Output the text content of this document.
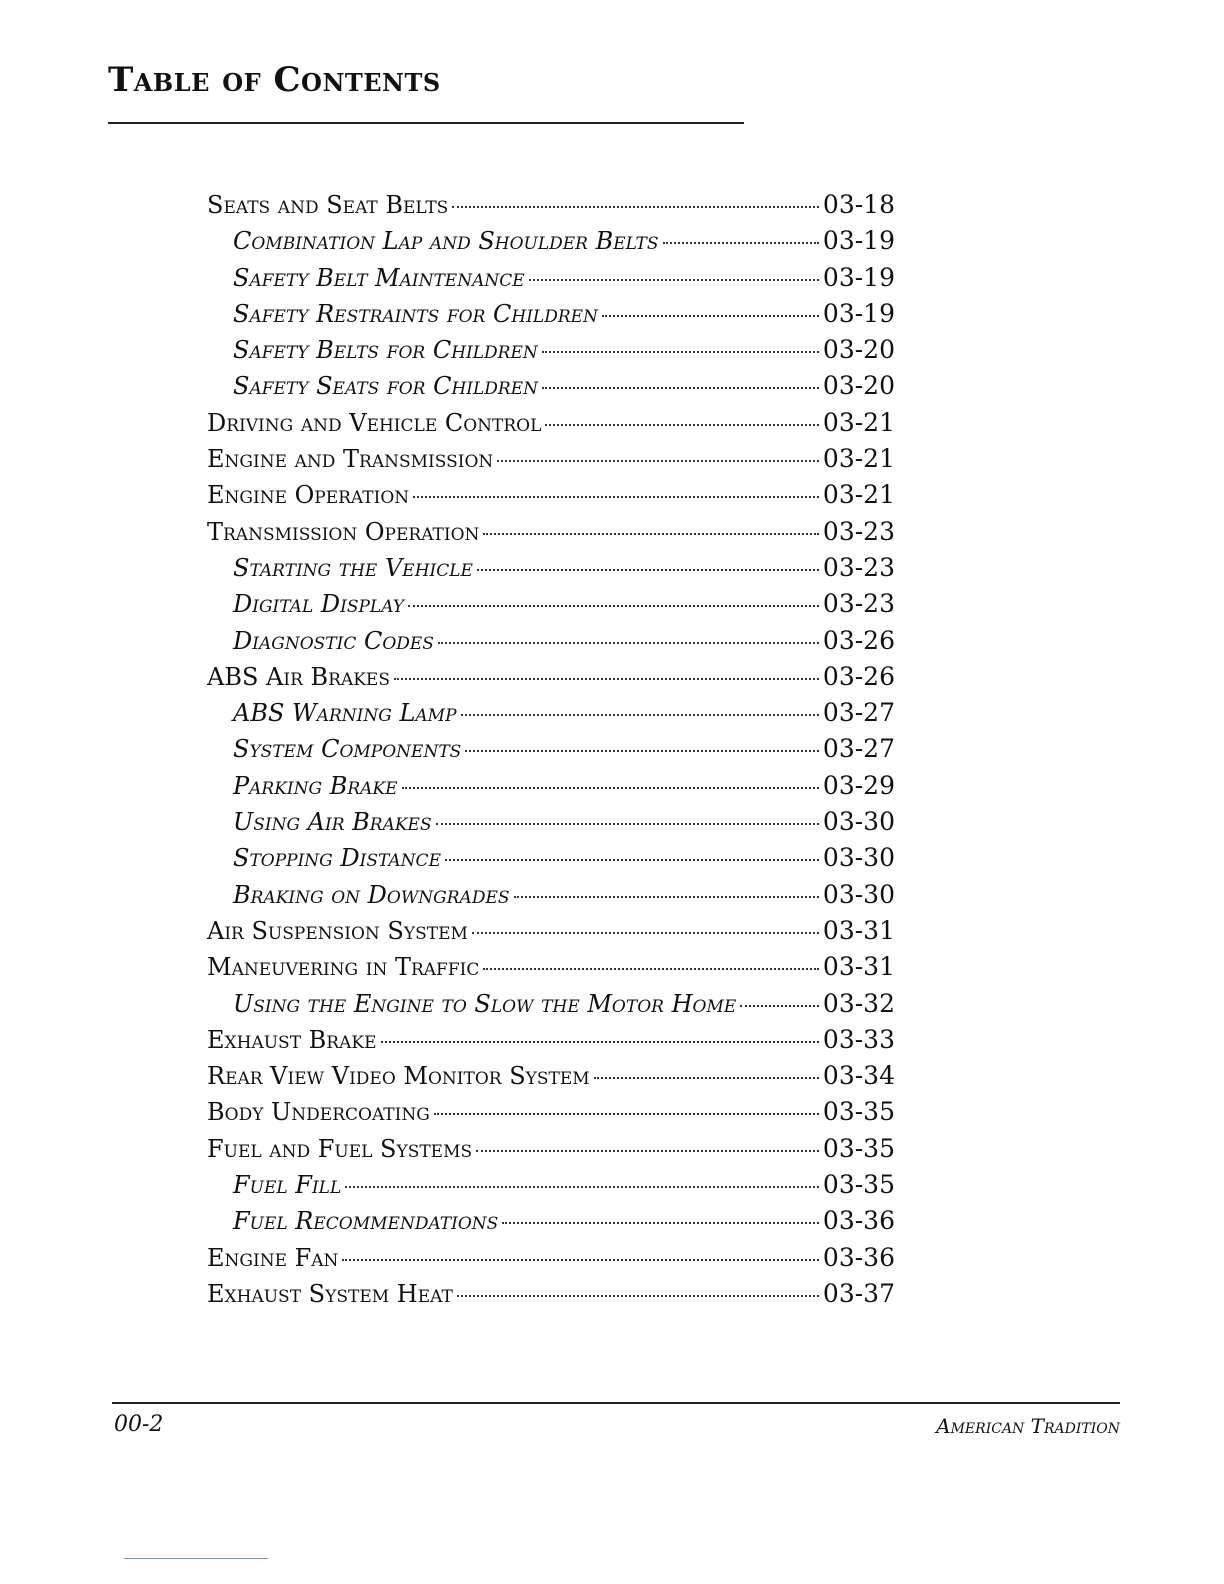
Table of Contents
Seats and Seat Belts	03-18
Combination Lap and Shoulder Belts	03-19
Safety Belt Maintenance	03-19
Safety Restraints for Children	03-19
Safety Belts for Children	03-20
Safety Seats for Children	03-20
Driving and Vehicle Control	03-21
Engine and Transmission	03-21
Engine Operation	03-21
Transmission Operation	03-23
Starting the Vehicle	03-23
Digital Display	03-23
Diagnostic Codes	03-26
ABS Air Brakes	03-26
ABS Warning Lamp	03-27
System Components	03-27
Parking Brake	03-29
Using Air Brakes	03-30
Stopping Distance	03-30
Braking on Downgrades	03-30
Air Suspension System	03-31
Maneuvering in Traffic	03-31
Using the Engine to Slow the Motor Home	03-32
Exhaust Brake	03-33
Rear View Video Monitor System	03-34
Body Undercoating	03-35
Fuel and Fuel Systems	03-35
Fuel Fill	03-35
Fuel Recommendations	03-36
Engine Fan	03-36
Exhaust System Heat	03-37
00-2	American Tradition
